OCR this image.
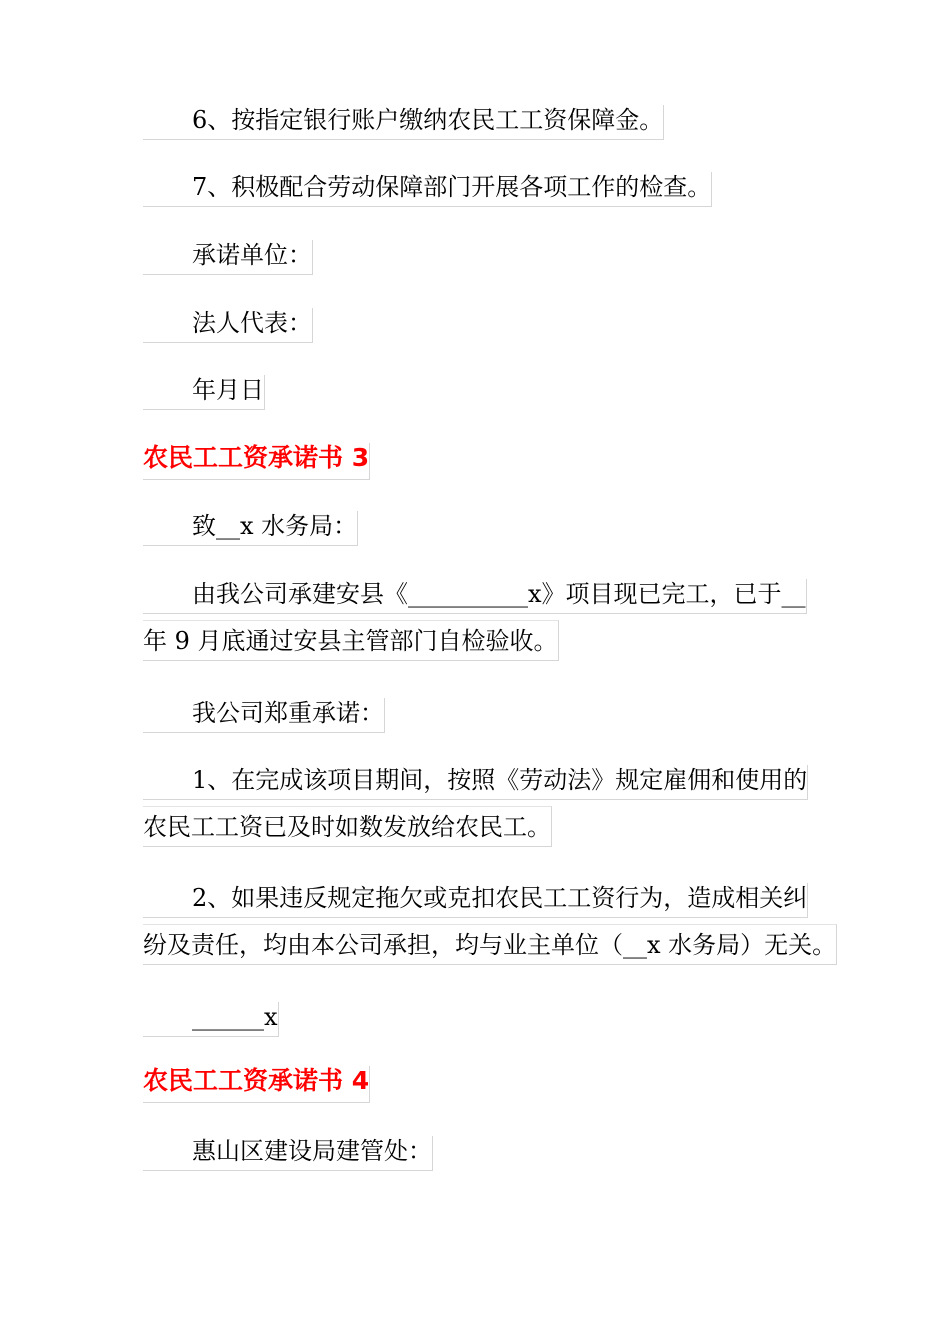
6、按指定银行账户缴纳农民工工资保障金。
7、积极配合劳动保障部门开展各项工作的检查。
承诺单位：
法人代表：
年月日
农民工工资承诺书 3
致__x 水务局：
由我公司承建安县《__________x》项目现已完工，已于__
年 9 月底通过安县主管部门自检验收。
我公司郑重承诺：
1、在完成该项目期间，按照《劳动法》规定雇佣和使用的
农民工工资已及时如数发放给农民工。
2、如果违反规定拖欠或克扣农民工工资行为，造成相关纠
纷及责任，均由本公司承担，均与业主单位（__x 水务局）无关。
______x
农民工工资承诺书 4
惠山区建设局建管处：
